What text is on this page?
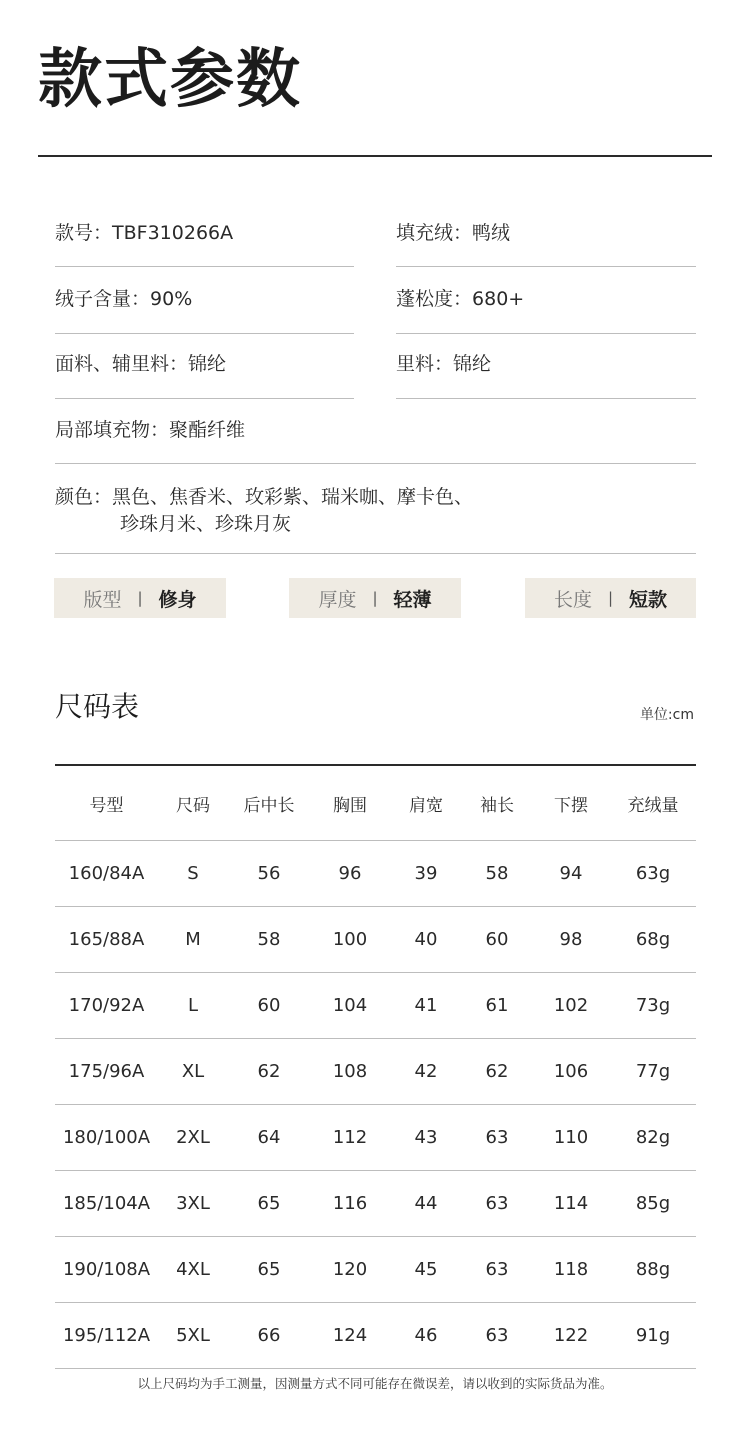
款式参数
款号：TBF310266A	填充绒：鸭绒
绒子含量：90%	蓬松度：680+
面料、辅里料：锦纶	里料：锦纶
局部填充物：聚酯纤维
颜色：黑色、焦香米、玫彩紫、瑞米咖、摩卡色、
珍珠月米、珍珠月灰
版型 | 修身	厚度 | 轻薄	长度 | 短款
尺码表	单位:cm
号型	尺码	后中长	胸围	肩宽	袖长	下摆	充绒量
160/84A	S	56	96	39	58	94	63g
165/88A	M	58	100	40	60	98	68g
170/92A	L	60	104	41	61	102	73g
175/96A	XL	62	108	42	62	106	77g
180/100A	2XL	64	112	43	63	110	82g
185/104A	3XL	65	116	44	63	114	85g
190/108A	4XL	65	120	45	63	118	88g
195/112A	5XL	66	124	46	63	122	91g
以上尺码均为手工测量，因测量方式不同可能存在微误差，请以收到的实际货品为准。
